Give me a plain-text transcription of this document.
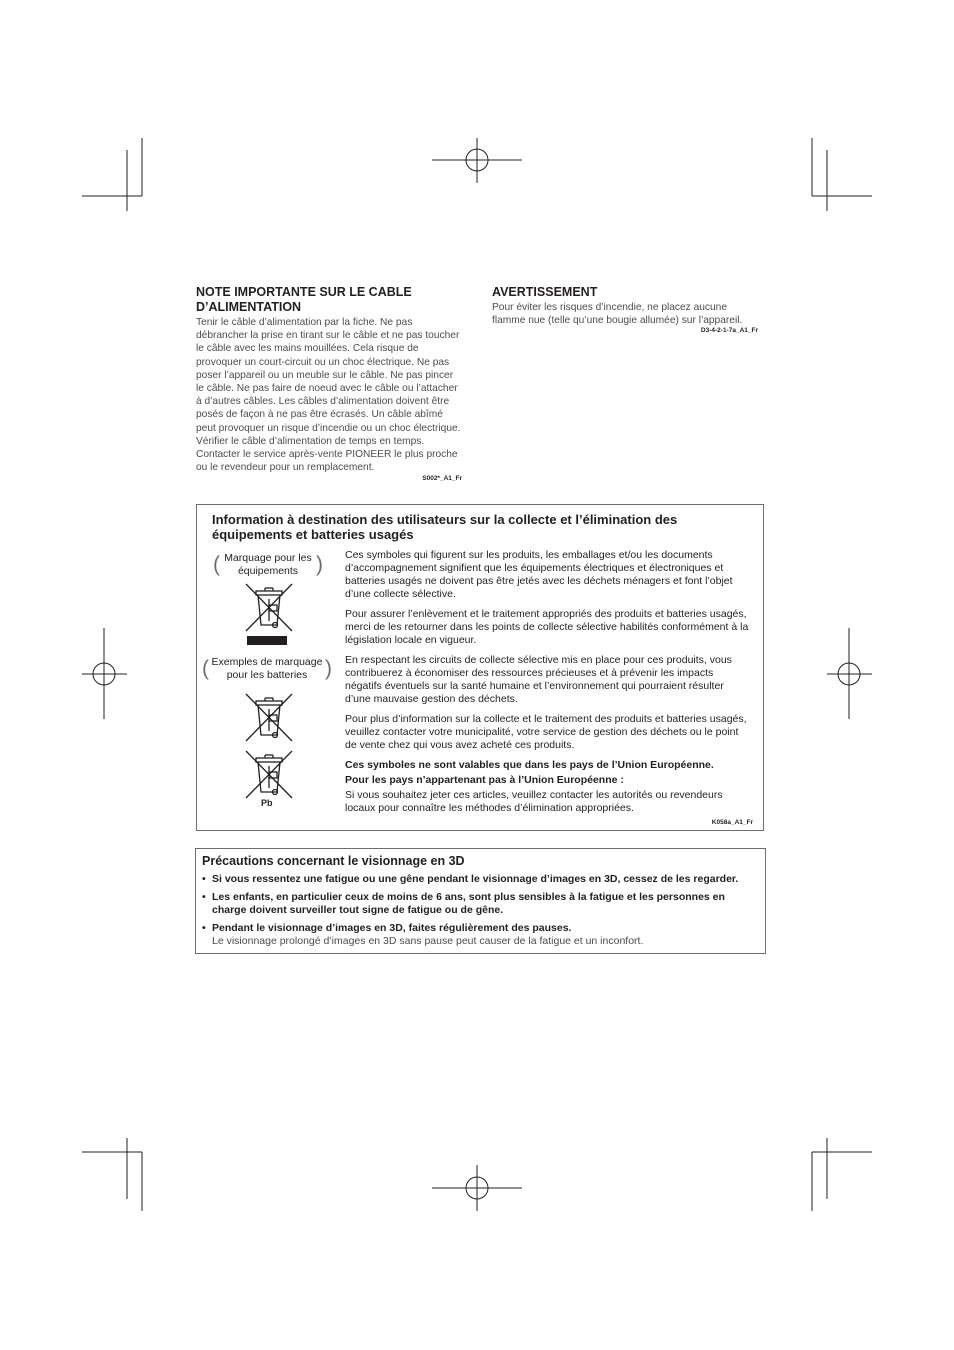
NOTE IMPORTANTE SUR LE CABLE D’ALIMENTATION

Tenir le câble d’alimentation par la fiche. Ne pas débrancher la prise en tirant sur le câble et ne pas toucher le câble avec les mains mouillées. Cela risque de provoquer un court-circuit ou un choc électrique. Ne pas poser l’appareil ou un meuble sur le câble. Ne pas pincer le câble. Ne pas faire de noeud avec le câble ou l’attacher à d’autres câbles. Les câbles d’alimentation doivent être posés de façon à ne pas être écrasés. Un câble abîmé peut provoquer un risque d’incendie ou un choc électrique. Vérifier le câble d’alimentation de temps en temps. Contacter le service après-vente PIONEER le plus proche ou le revendeur pour un remplacement.

S002*_A1_Fr

AVERTISSEMENT

Pour éviter les risques d’incendie, ne placez aucune flamme nue (telle qu’une bougie allumée) sur l’appareil.

D3-4-2-1-7a_A1_Fr

Information à destination des utilisateurs sur la collecte et l’élimination des équipements et batteries usagés

( Marquage pour les équipements )
( Exemples de marquage pour les batteries )
Pb

Ces symboles qui figurent sur les produits, les emballages et/ou les documents d’accompagnement signifient que les équipements électriques et électroniques et batteries usagés ne doivent pas être jetés avec les déchets ménagers et font l’objet d’une collecte sélective.

Pour assurer l’enlèvement et le traitement appropriés des produits et batteries usagés, merci de les retourner dans les points de collecte sélective habilités conformément à la législation locale en vigueur.

En respectant les circuits de collecte sélective mis en place pour ces produits, vous contribuerez à économiser des ressources précieuses et à prévenir les impacts négatifs éventuels sur la santé humaine et l’environnement qui pourraient résulter d’une mauvaise gestion des déchets.

Pour plus d’information sur la collecte et le traitement des produits et batteries usagés, veuillez contacter votre municipalité, votre service de gestion des déchets ou le point de vente chez qui vous avez acheté ces produits.

Ces symboles ne sont valables que dans les pays de l’Union Européenne.

Pour les pays n’appartenant pas à l’Union Européenne :

Si vous souhaitez jeter ces articles, veuillez contacter les autorités ou revendeurs locaux pour connaître les méthodes d’élimination appropriées.

K058a_A1_Fr

Précautions concernant le visionnage en 3D

• Si vous ressentez une fatigue ou une gêne pendant le visionnage d’images en 3D, cessez de les regarder.
• Les enfants, en particulier ceux de moins de 6 ans, sont plus sensibles à la fatigue et les personnes en charge doivent surveiller tout signe de fatigue ou de gêne.
• Pendant le visionnage d’images en 3D, faites régulièrement des pauses.
Le visionnage prolongé d’images en 3D sans pause peut causer de la fatigue et un inconfort.
